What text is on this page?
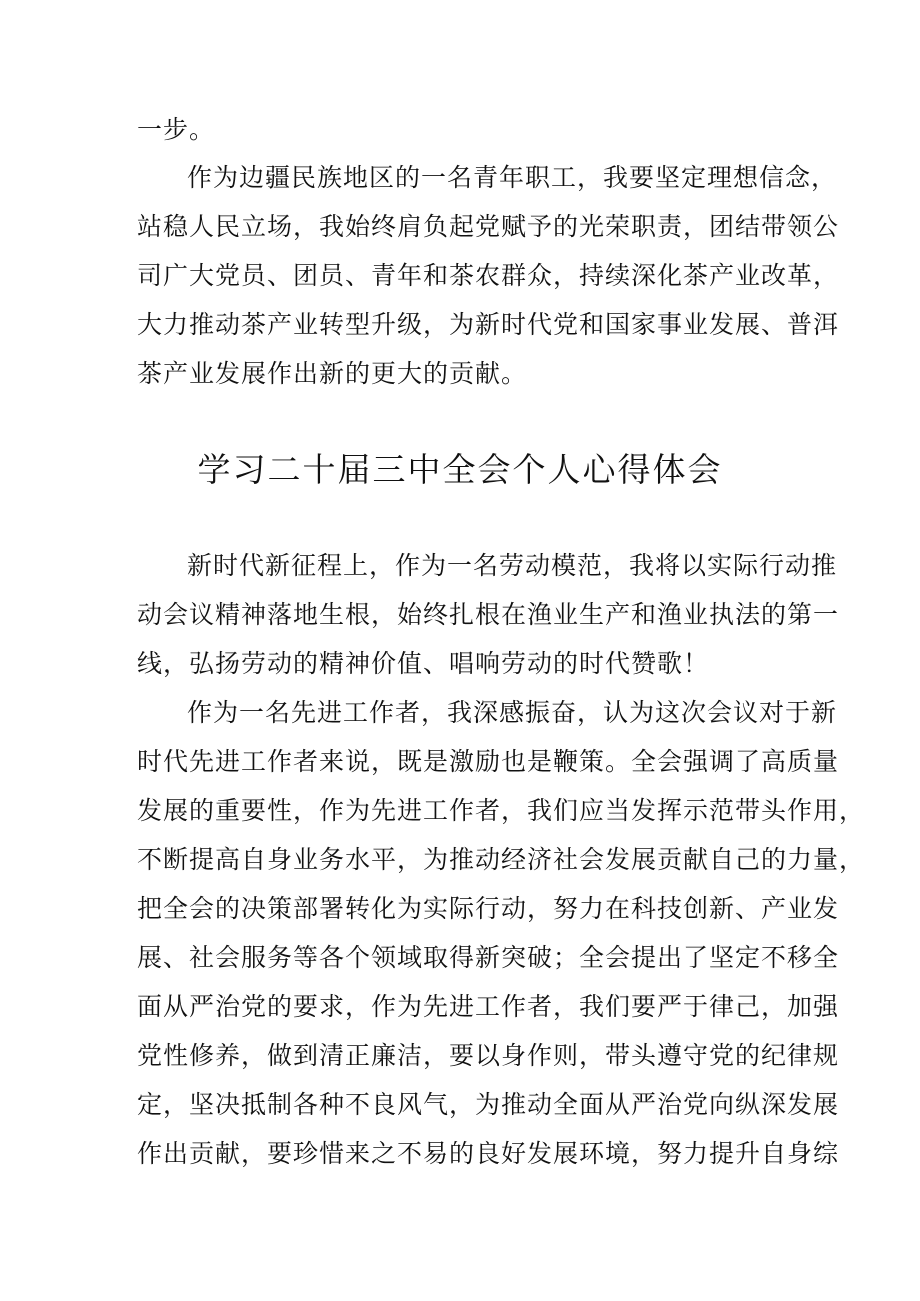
一步。
作为边疆民族地区的一名青年职工，我要坚定理想信念，
站稳人民立场，我始终肩负起党赋予的光荣职责，团结带领公
司广大党员、团员、青年和茶农群众，持续深化茶产业改革，
大力推动茶产业转型升级，为新时代党和国家事业发展、普洱
茶产业发展作出新的更大的贡献。
学习二十届三中全会个人心得体会
新时代新征程上，作为一名劳动模范，我将以实际行动推
动会议精神落地生根，始终扎根在渔业生产和渔业执法的第一
线，弘扬劳动的精神价值、唱响劳动的时代赞歌！
作为一名先进工作者，我深感振奋，认为这次会议对于新
时代先进工作者来说，既是激励也是鞭策。全会强调了高质量
发展的重要性，作为先进工作者，我们应当发挥示范带头作用，
不断提高自身业务水平，为推动经济社会发展贡献自己的力量，
把全会的决策部署转化为实际行动，努力在科技创新、产业发
展、社会服务等各个领域取得新突破；全会提出了坚定不移全
面从严治党的要求，作为先进工作者，我们要严于律己，加强
党性修养，做到清正廉洁，要以身作则，带头遵守党的纪律规
定，坚决抵制各种不良风气，为推动全面从严治党向纵深发展
作出贡献，要珍惜来之不易的良好发展环境，努力提升自身综
